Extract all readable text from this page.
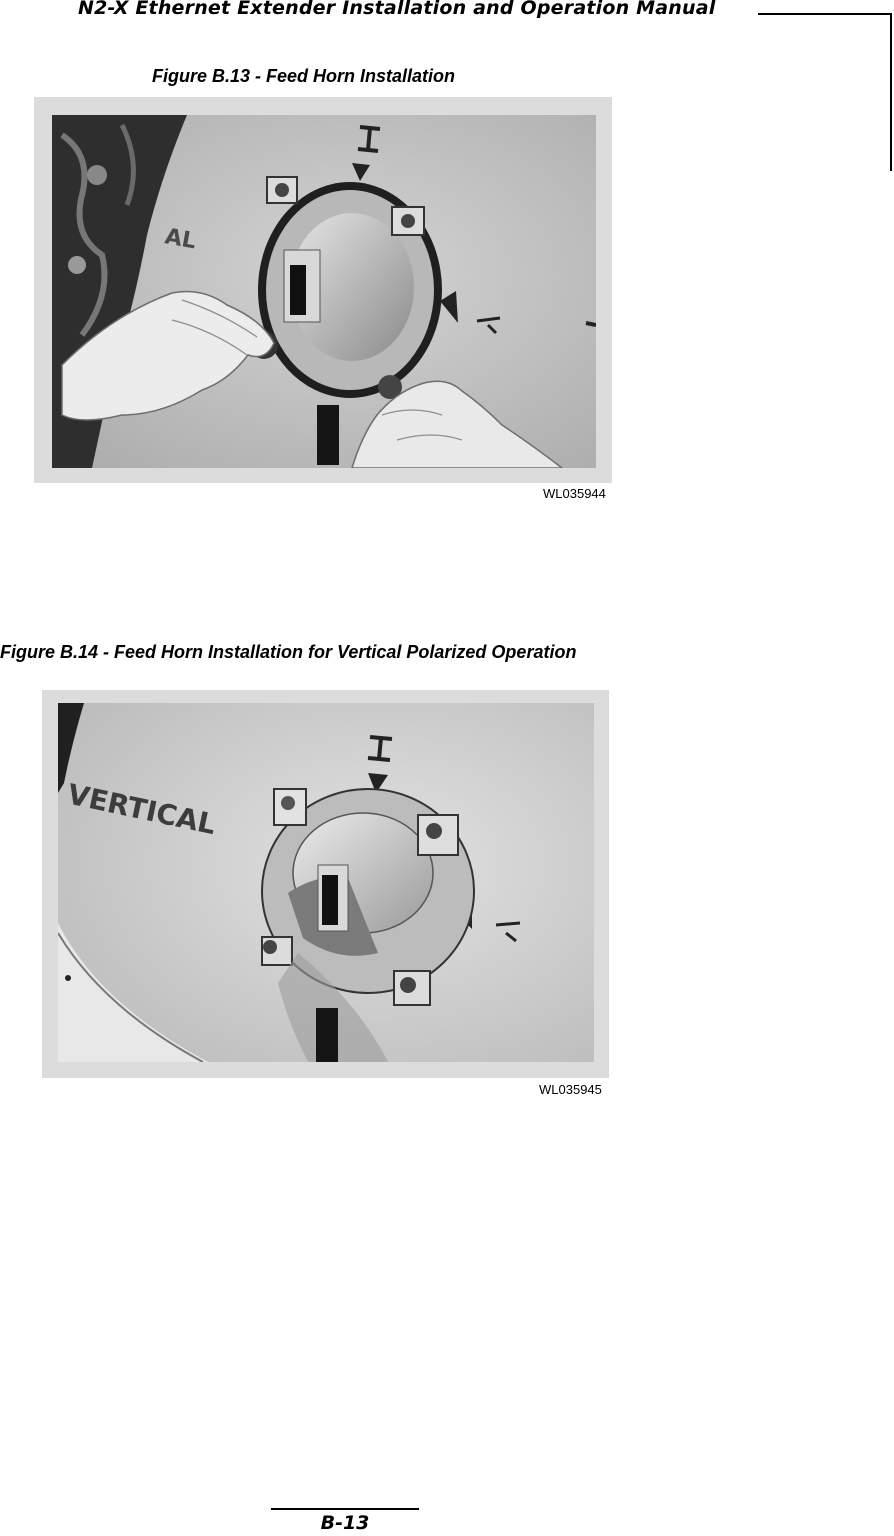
N2-X Ethernet Extender Installation and Operation Manual
Figure B.13 - Feed Horn Installation
AL
WL035944
Figure B.14 - Feed Horn Installation for Vertical Polarized Operation
VERTICAL
WL035945
B-13
